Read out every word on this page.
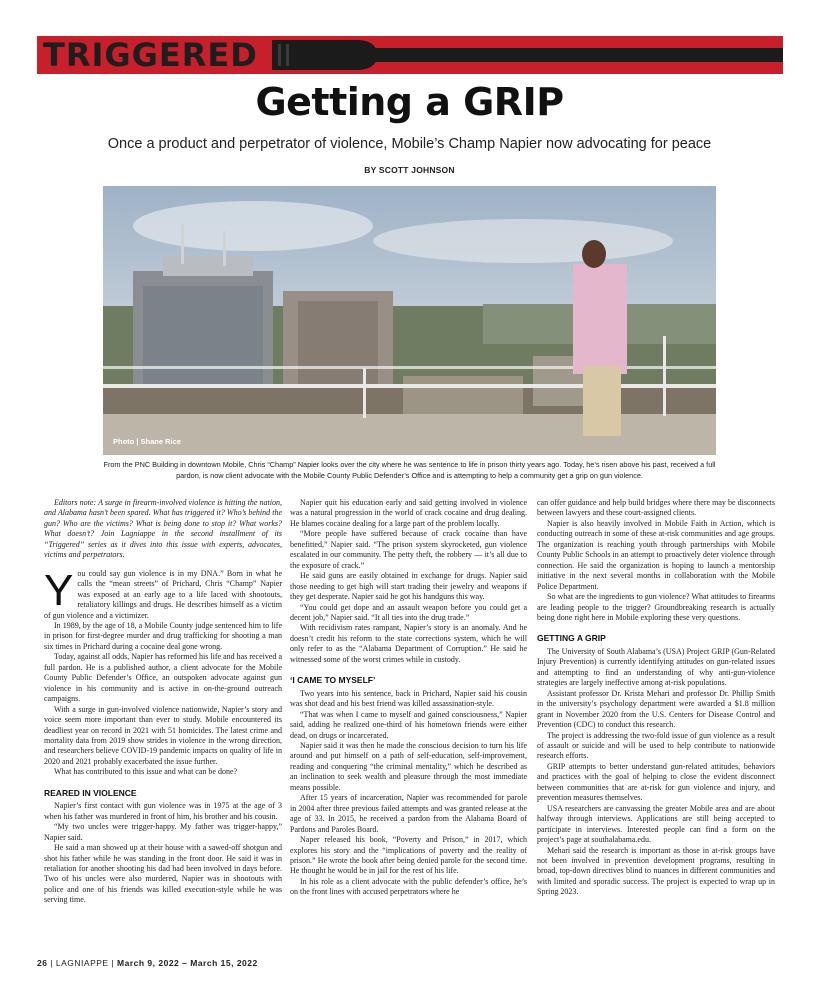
TRIGGERED
Getting a GRIP
Once a product and perpetrator of violence, Mobile’s Champ Napier now advocating for peace
BY SCOTT JOHNSON
Photo | Shane Rice
From the PNC Building in downtown Mobile, Chris “Champ” Napier looks over the city where he was sentence to life in prison thirty years ago. Today, he’s risen above his past, received a full pardon, is now client advocate with the Mobile County Public Defender’s Office and is attempting to help a community get a grip on gun violence.

Editors note: A surge in firearm-involved violence is hitting the nation, and Alabama hasn’t been spared. What has triggered it? Who’s behind the gun? Who are the victims? What is being done to stop it? What works? What doesn’t? Join Lagniappe in the second installment of its “Triggered” series as it dives into this issue with experts, advocates, victims and perpetrators.

You could say gun violence is in my DNA.” Born in what he calls the “mean streets” of Prichard, Chris “Champ” Napier was exposed at an early age to a life laced with shootouts, retaliatory killings and drugs. He describes himself as a victim of gun violence and a victimizer.

In 1989, by the age of 18, a Mobile County judge sentenced him to life in prison for first-degree murder and drug trafficking for shooting a man six times in Prichard during a cocaine deal gone wrong.

Today, against all odds, Napier has reformed his life and has received a full pardon. He is a published author, a client advocate for the Mobile County Public Defender’s Office, an outspoken advocate against gun violence in his community and is active in on-the-ground outreach campaigns.

With a surge in gun-involved violence nationwide, Napier’s story and voice seem more important than ever to study. Mobile encountered its deadliest year on record in 2021 with 51 homicides. The latest crime and mortality data from 2019 show strides in violence in the wrong direction, and researchers believe COVID-19 pandemic impacts on quality of life in 2020 and 2021 probably exacerbated the issue further.

What has contributed to this issue and what can be done?

REARED IN VIOLENCE

Napier’s first contact with gun violence was in 1975 at the age of 3 when his father was murdered in front of him, his brother and his cousin.

“My two uncles were trigger-happy. My father was trigger-happy,” Napier said.

He said a man showed up at their house with a sawed-off shotgun and shot his father while he was standing in the front door. He said it was in retaliation for another shooting his dad had been involved in days before. Two of his uncles were also murdered, Napier was in shootouts with police and one of his friends was killed execution-style while he was serving time.

Napier quit his education early and said getting involved in violence was a natural progression in the world of crack cocaine and drug dealing. He blames cocaine dealing for a large part of the problem locally.

“More people have suffered because of crack cocaine than have benefitted,” Napier said. “The prison system skyrocketed, gun violence escalated in our community. The petty theft, the robbery — it’s all due to the exposure of crack.”

He said guns are easily obtained in exchange for drugs. Napier said those needing to get high will start trading their jewelry and weapons if they get desperate. Napier said he got his handguns this way.

“You could get dope and an assault weapon before you could get a decent job,” Napier said. “It all ties into the drug trade.”

With recidivism rates rampant, Napier’s story is an anomaly. And he doesn’t credit his reform to the state corrections system, which he will only refer to as the “Alabama Department of Corruption.” He said he witnessed some of the worst crimes while in custody.

‘I CAME TO MYSELF’

Two years into his sentence, back in Prichard, Napier said his cousin was shot dead and his best friend was killed assassination-style.

“That was when I came to myself and gained consciousness,” Napier said, adding he realized one-third of his hometown friends were either dead, on drugs or incarcerated.

Napier said it was then he made the conscious decision to turn his life around and put himself on a path of self-education, self-improvement, reading and conquering “the criminal mentality,” which he described as an inclination to seek wealth and pleasure through the most immediate means possible.

After 15 years of incarceration, Napier was recommended for parole in 2004 after three previous failed attempts and was granted release at the age of 33. In 2015, he received a pardon from the Alabama Board of Pardons and Paroles Board.

Naper released his book, “Poverty and Prison,” in 2017, which explores his story and the “implications of poverty and the reality of prison.” He wrote the book after being denied parole for the second time. He thought he would be in jail for the rest of his life.

In his role as a client advocate with the public defender’s office, he’s on the front lines with accused perpetrators where he

can offer guidance and help build bridges where there may be disconnects between lawyers and these court-assigned clients.

Napier is also heavily involved in Mobile Faith in Action, which is conducting outreach in some of these at-risk communities and age groups. The organization is reaching youth through partnerships with Mobile County Public Schools in an attempt to proactively deter violence through connection. He said the organization is hoping to launch a mentorship initiative in the next several months in collaboration with the Mobile Police Department.

So what are the ingredients to gun violence? What attitudes to firearms are leading people to the trigger? Groundbreaking research is actually being done right here in Mobile exploring these very questions.

GETTING A GRIP

The University of South Alabama’s (USA) Project GRIP (Gun-Related Injury Prevention) is currently identifying attitudes on gun-related issues and attempting to find an understanding of why anti-gun-violence strategies are largely ineffective among at-risk populations.

Assistant professor Dr. Krista Mehari and professor Dr. Phillip Smith in the university’s psychology department were awarded a $1.8 million grant in November 2020 from the U.S. Centers for Disease Control and Prevention (CDC) to conduct this research.

The project is addressing the two-fold issue of gun violence as a result of assault or suicide and will be used to help contribute to nationwide research efforts.

GRIP attempts to better understand gun-related attitudes, behaviors and practices with the goal of helping to close the evident disconnect between communities that are at-risk for gun violence and injury, and prevention measures themselves.

USA researchers are canvassing the greater Mobile area and are about halfway through interviews. Applications are still being accepted to participate in interviews. Interested people can find a form on the project’s page at southalabama.edu.

Mehari said the research is important as those in at-risk groups have not been involved in prevention development programs, resulting in broad, top-down directives blind to nuances in different communities and with limited and sporadic success. The project is expected to wrap up in Spring 2023.

26 | LAGNIAPPE | March 9, 2022 – March 15, 2022
